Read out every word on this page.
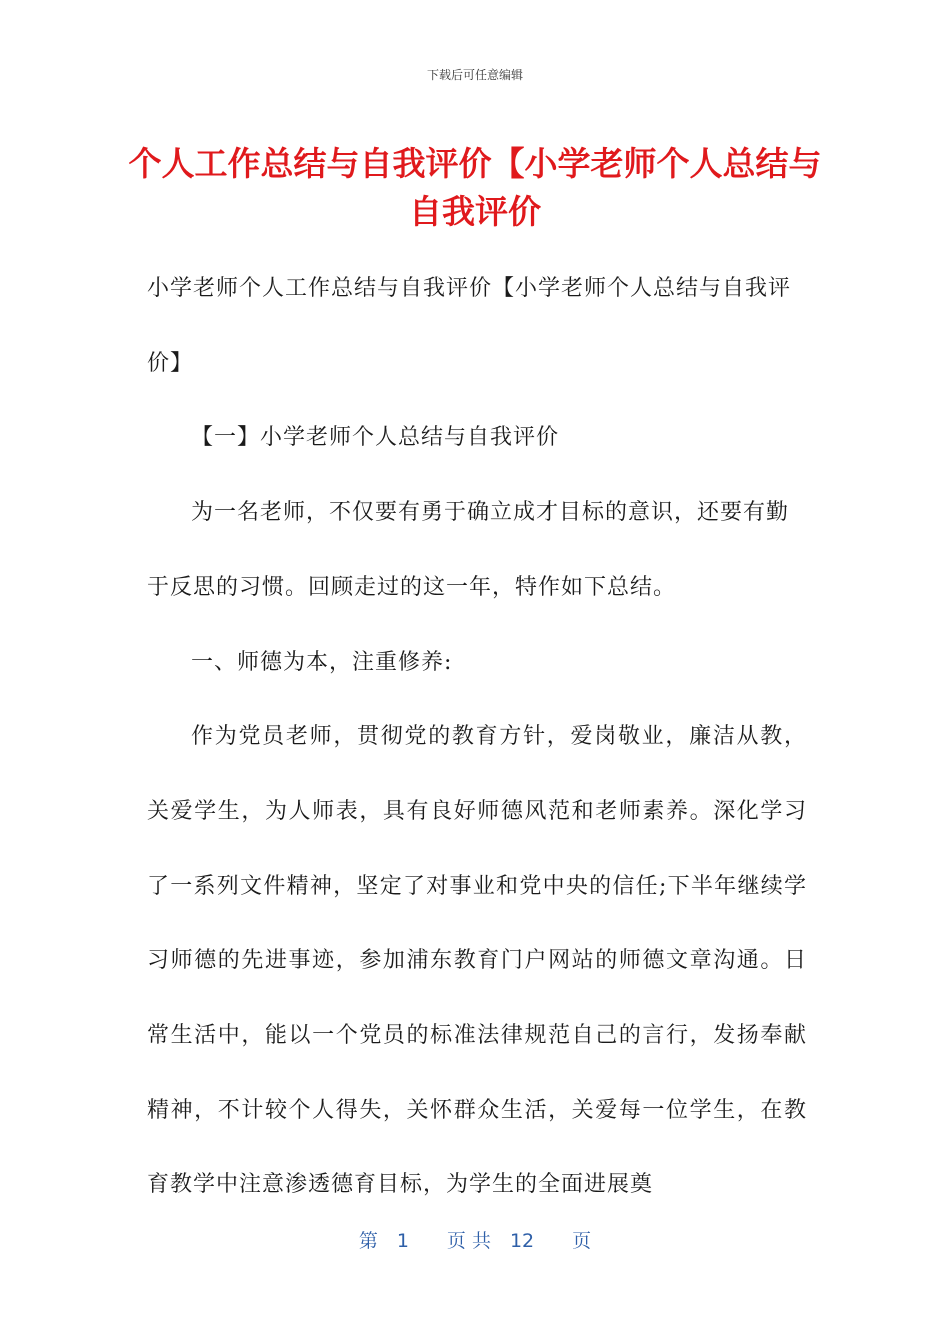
下载后可任意编辑
个人工作总结与自我评价【小学老师个人总结与自我评价

小学老师个人工作总结与自我评价【小学老师个人总结与自我评价】

【一】小学老师个人总结与自我评价

为一名老师，不仅要有勇于确立成才目标的意识，还要有勤于反思的习惯。回顾走过的这一年，特作如下总结。

一、师德为本，注重修养:

作为党员老师，贯彻党的教育方针，爱岗敬业，廉洁从教，关爱学生，为人师表，具有良好师德风范和老师素养。深化学习了一系列文件精神，坚定了对事业和党中央的信任;下半年继续学习师德的先进事迹，参加浦东教育门户网站的师德文章沟通。日常生活中，能以一个党员的标准法律规范自己的言行，发扬奉献精神，不计较个人得失，关怀群众生活，关爱每一位学生，在教育教学中注意渗透德育目标，为学生的全面进展奠

第　1　　页 共　12　　页
